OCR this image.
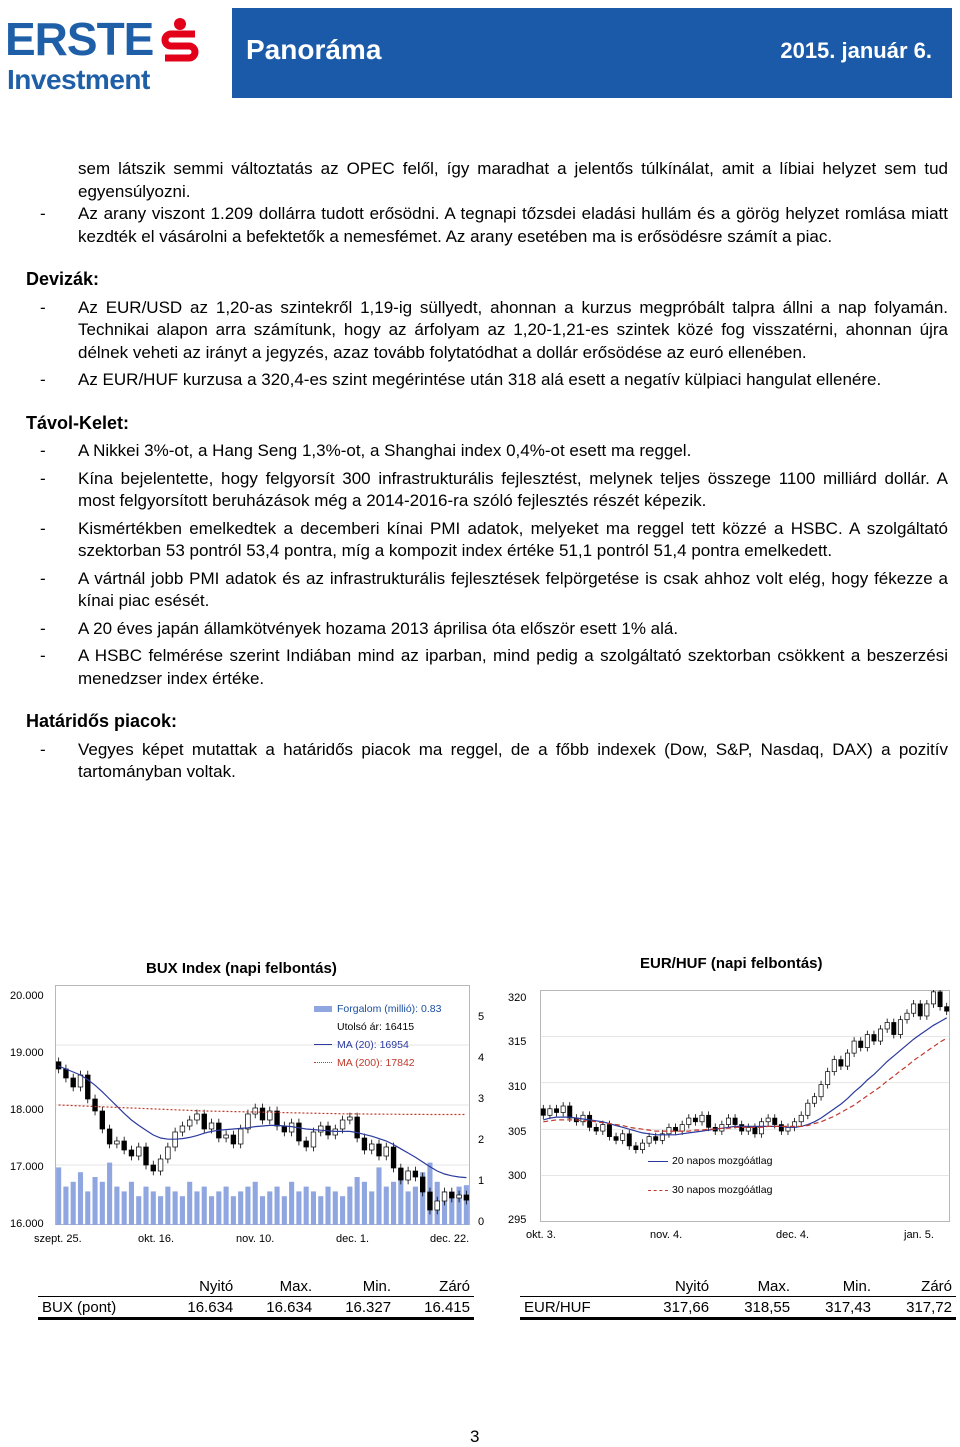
ERSTE
Investment
Panoráma	2015. január 6.

sem látszik semmi változtatás az OPEC felől, így maradhat a jelentős túlkínálat, amit a líbiai helyzet sem tud egyensúlyozni.

- Az arany viszont 1.209 dollárra tudott erősödni. A tegnapi tőzsdei eladási hullám és a görög helyzet romlása miatt kezdték el vásárolni a befektetők a nemesfémet. Az arany esetében ma is erősödésre számít a piac.
Devizák:
- Az EUR/USD az 1,20-as szintekről 1,19-ig süllyedt, ahonnan a kurzus megpróbált talpra állni a nap folyamán. Technikai alapon arra számítunk, hogy az árfolyam az 1,20-1,21-es szintek közé fog visszatérni, ahonnan újra délnek veheti az irányt a jegyzés, azaz tovább folytatódhat a dollár erősödése az euró ellenében.
- Az EUR/HUF kurzusa a 320,4-es szint megérintése után 318 alá esett a negatív külpiaci hangulat ellenére.
Távol-Kelet:
- A Nikkei 3%-ot, a Hang Seng 1,3%-ot, a Shanghai index 0,4%-ot esett ma reggel.
- Kína bejelentette, hogy felgyorsít 300 infrastrukturális fejlesztést, melynek teljes összege 1100 milliárd dollár. A most felgyorsított beruházások még a 2014-2016-ra szóló fejlesztés részét képezik.
- Kismértékben emelkedtek a decemberi kínai PMI adatok, melyeket ma reggel tett közzé a HSBC. A szolgáltató szektorban 53 pontról 53,4 pontra, míg a kompozit index értéke 51,1 pontról 51,4 pontra emelkedett.
- A vártnál jobb PMI adatok és az infrastrukturális fejlesztések felpörgetése is csak ahhoz volt elég, hogy fékezze a kínai piac esését.
- A 20 éves japán államkötvények hozama 2013 áprilisa óta először esett 1% alá.
- A HSBC felmérése szerint Indiában mind az iparban, mind pedig a szolgáltató szektorban csökkent a beszerzési menedzser index értéke.
Határidős piacok:
- Vegyes képet mutattak a határidős piacok ma reggel, de a főbb indexek (Dow, S&P, Nasdaq, DAX) a pozitív tartományban voltak.
BUX Index (napi felbontás)
20.000
19.000
18.000
17.000
16.000
5
4
3
2
1
0
szept. 25.	okt. 16.	nov. 10.	dec. 1.	dec. 22.
Forgalom (millió): 0.83
Utolsó ár: 16415
MA (20): 16954
MA (200): 17842
EUR/HUF (napi felbontás)
320
315
310
305
300
295
okt. 3.	nov. 4.	dec. 4.	jan. 5.
20 napos mozgóátlag
30 napos mozgóátlag
	Nyitó	Max.	Min.	Záró
BUX (pont)	16.634	16.634	16.327	16.415
	Nyitó	Max.	Min.	Záró
EUR/HUF	317,66	318,55	317,43	317,72
3
